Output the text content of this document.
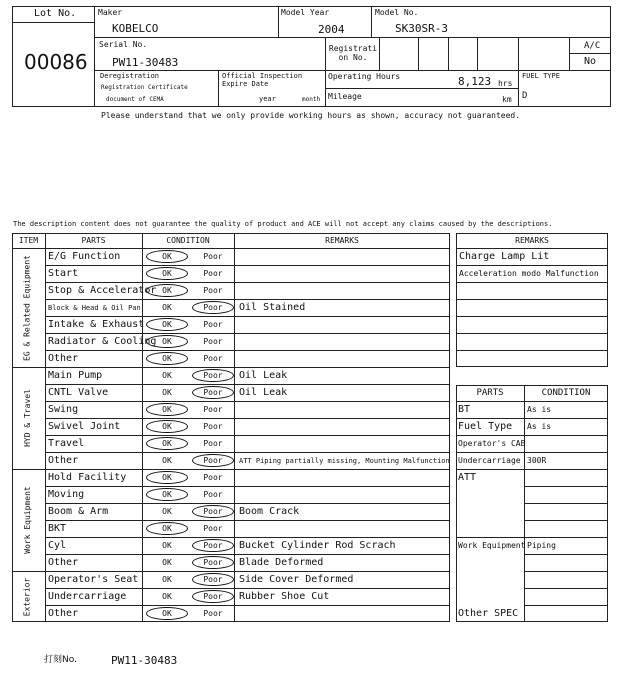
Lot No.
00086
Maker
KOBELCO
Model Year
2004
Model No.
SK30SR-3
Serial No.
PW11-30483
Registrati
on No.
A/C
No
Deregistration
Registration Certificate
document of CEMA
Official Inspection
Expire Date
year	month
Operating Hours	8,123 hrs
Mileage	km
FUEL TYPE
D
Please understand that we only provide working hours as shown, accuracy not guaranteed.
The description content does not guarantee the quality of product and ACE will not accept any claims caused by the descriptions.
ITEM	PARTS	CONDITION	REMARKS
EG & Related Equipment E/G Function	OK	Poor
Start	OK	Poor
Stop & Accelerator OK	Poor
Block & Head & Oil Pan	OK	Poor	Oil Stained
Intake & Exhaust	OK	Poor
Radiator & Cooling OK	Poor
Other	OK	Poor
HYD & Travel
Main Pump	OK	Poor	Oil Leak
CNTL Valve	OK	Poor	Oil Leak
Swing	OK	Poor
Swivel Joint	OK	Poor
Travel	OK	Poor
Other	OK	Poor	ATT Piping partially missing, Mounting Malfunction
Work Equipment
Hold Facility	OK	Poor
Moving	OK	Poor
Boom & Arm	OK	Poor	Boom Crack
BKT	OK	Poor
Cyl	OK	Poor	Bucket Cylinder Rod Scrach
Other	OK	Poor	Blade Deformed
Exterior Operator's Seat	OK	Poor	Side Cover Deformed
Undercarriage	OK	Poor	Rubber Shoe Cut
Other	OK	Poor
REMARKS
Charge Lamp Lit
Acceleration modo Malfunction
PARTS	CONDITION
BT	As is
Fuel Type As is
Operator's CAB
Undercarriage 300R
ATT
Work Equipment Piping
Other SPEC
打刻No.	PW11-30483
